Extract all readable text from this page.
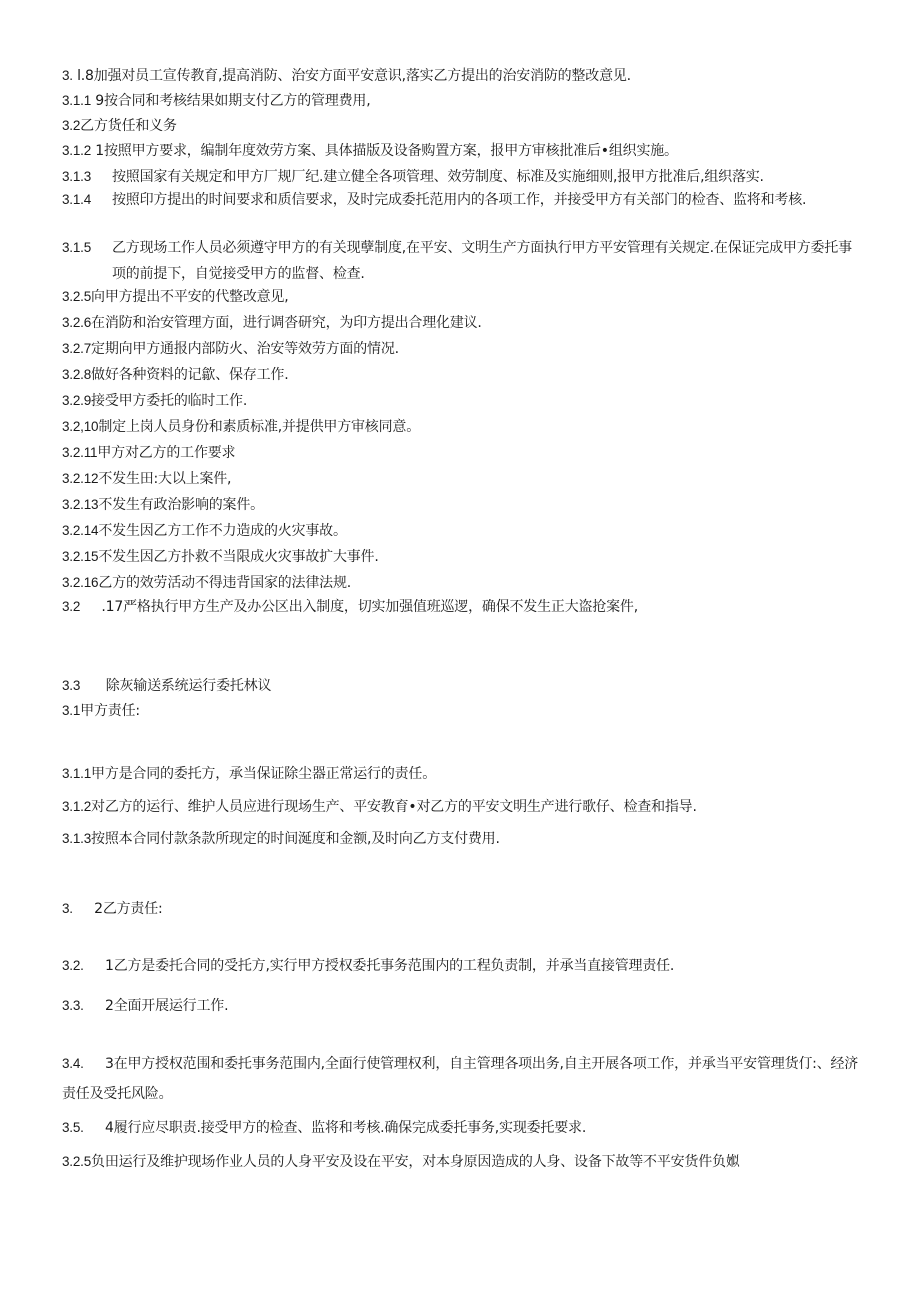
3. l.8加强对员工宣传教育,提高消防、治安方面平安意识,落实乙方提出的治安消防的整改意见.
3.1.1 9按合同和考核结果如期支付乙方的管理费用,
3.2乙方货任和义务
3.1.2 1按照甲方要求，编制年度效劳方案、具体描版及设备购置方案，报甲方审核批准后•组织实施。
3.1.3	按照国家有关规定和甲方厂规厂纪.建立健全各项管理、效劳制度、标准及实施细则,报甲方批准后,组织落实.
3.1.4	按照印方提出的时间要求和质信要求，及时完成委托范用内的各项工作，并接受甲方有关部门的检杳、监将和考核.
3.1.5	乙方现场工作人员必须遵守甲方的有关现孽制度,在平安、文明生产方面执行甲方平安管理有关规定.在保证完成甲方委托事项的前提下，自觉接受甲方的监督、检查.
3.2.5向甲方提出不平安的代整改意见,
3.2.6在消防和治安管理方面，进行调沓研究，为印方提出合理化建议.
3.2.7定期向甲方通报内部防火、治安等效劳方面的情况.
3.2.8做好各种资料的记歙、保存工作.
3.2.9接受甲方委托的临时工作.
3.2,10制定上岗人员身份和素质标准,并提供甲方审核同意。
3.2.11甲方对乙方的工作要求
3.2.12不发生田:大以上案件,
3.2.13不发生有政治影响的案件。
3.2.14不发生因乙方工作不力造成的火灾事故。
3.2.15不发生因乙方扑救不当限成火灾事故扩大事件.
3.2.16乙方的效劳活动不得违背国家的法律法规.
3.2     .17严格执行甲方生产及办公区出入制度，切实加强值班巡逻，确保不发生正大盗抢案件,
3.3 除灰输送系统运行委托林议
3.1甲方责任:
3.1.1甲方是合同的委托方，承当保证除尘器正常运行的责任。
3.1.2对乙方的运行、维护人员应进行现场生产、平安教育•对乙方的平安文明生产进行歌仔、检查和指导.
3.1.3按照本合同付款条款所现定的时间涎度和金额,及时向乙方支付费用.
3.     2乙方责任:
3.2.     1乙方是委托合同的受托方,实行甲方授权委托事务范围内的工程负责制，并承当直接管理责任.
3.3.     2全面开展运行工作.
3.4.     3在甲方授权范围和委托事务范围内,全面行使管理权利，自主管理各项出务,自主开展各项工作，并承当平安管理货仃:、经济责任及受托风险。
3.5.     4履行应尽职责.接受甲方的检查、监将和考核.确保完成委托事务,实现委托要求.
3.2.5负田运行及维护现场作业人员的人身平安及设在平安，对本身原因造成的人身、设备下故等不平安货件负娰
